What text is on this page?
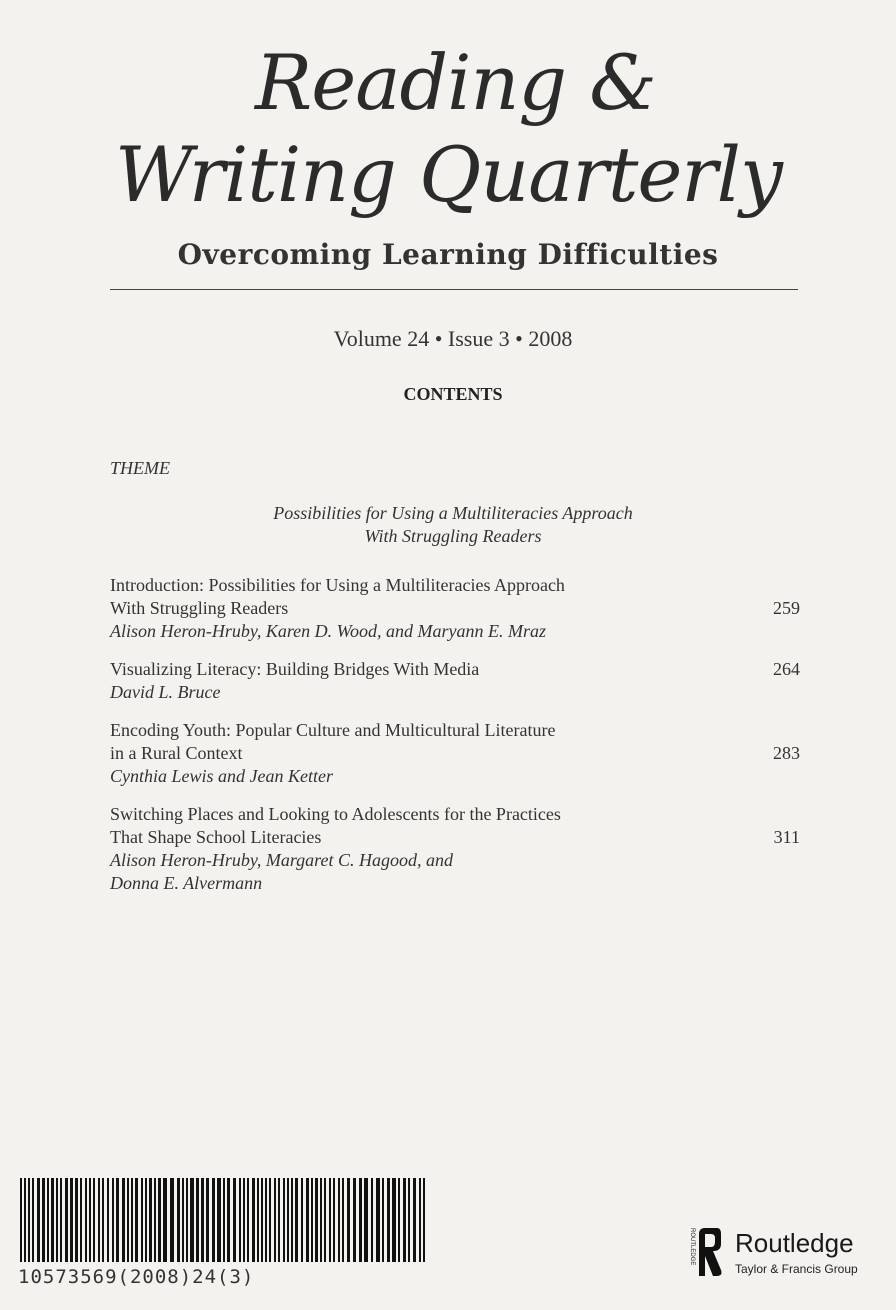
Reading &
Writing Quarterly
Overcoming Learning Difficulties
Volume 24 • Issue 3 • 2008
CONTENTS
THEME
Possibilities for Using a Multiliteracies Approach
With Struggling Readers
Introduction: Possibilities for Using a Multiliteracies Approach
With Struggling Readers
Alison Heron-Hruby, Karen D. Wood, and Maryann E. Mraz
259
Visualizing Literacy: Building Bridges With Media
David L. Bruce
264
Encoding Youth: Popular Culture and Multicultural Literature
in a Rural Context
Cynthia Lewis and Jean Ketter
283
Switching Places and Looking to Adolescents for the Practices
That Shape School Literacies
Alison Heron-Hruby, Margaret C. Hagood, and
Donna E. Alvermann
311
10573569(2008)24(3)
ROUTLEDGE Routledge
Taylor & Francis Group
